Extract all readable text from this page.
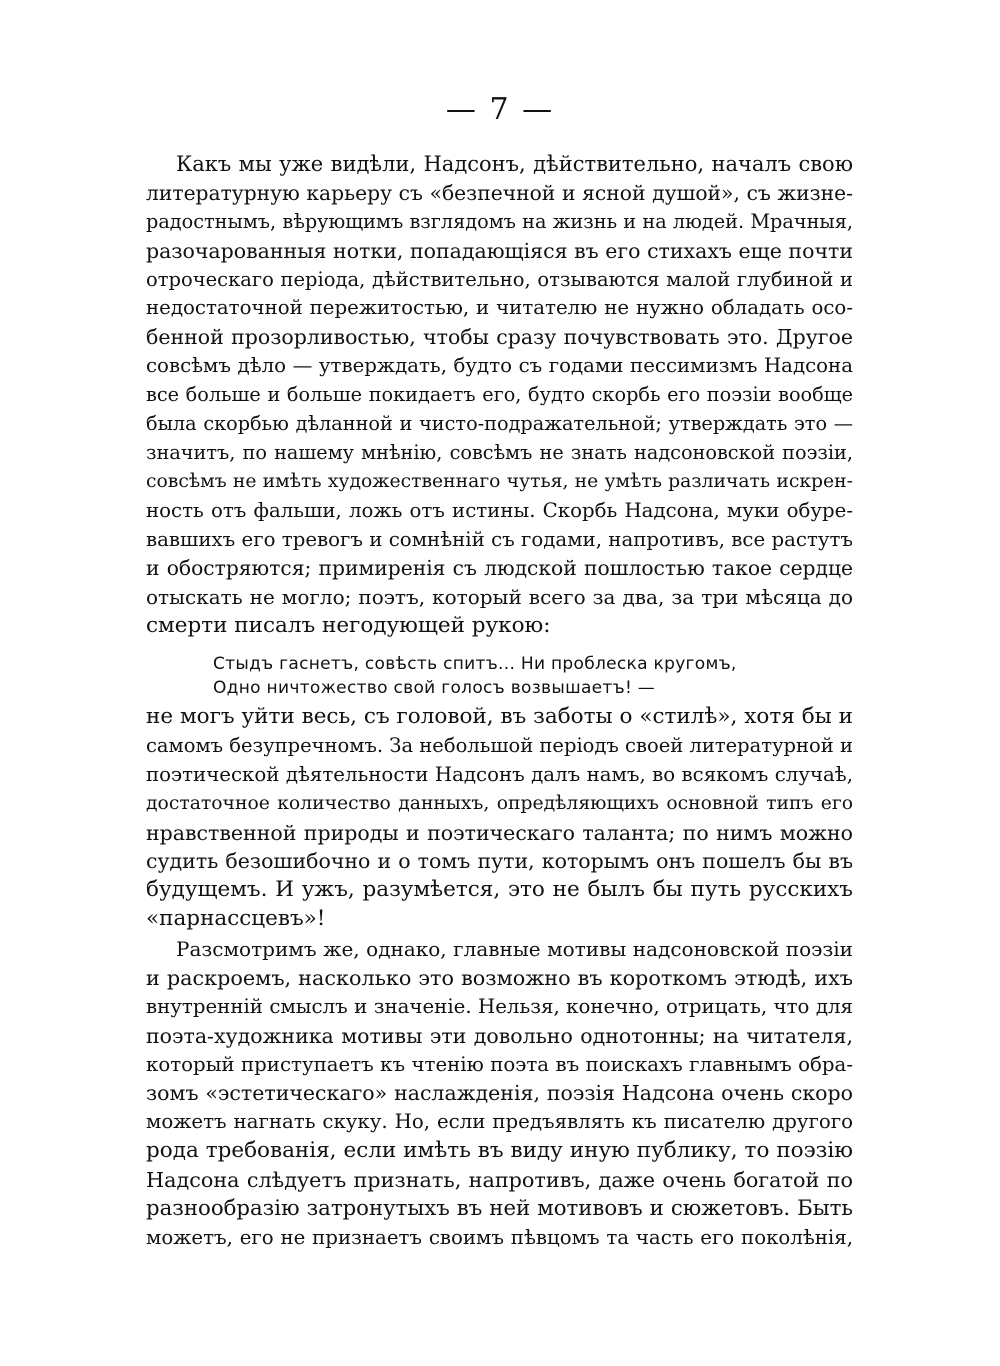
— 7 —
Какъ мы уже видѣли, Надсонъ, дѣйствительно, началъ свою
литературную карьеру съ «безпечной и ясной душой», съ жизне-
радостнымъ, вѣрующимъ взглядомъ на жизнь и на людей. Мрачныя,
разочарованныя нотки, попадающіяся въ его стихахъ еще почти
отроческаго періода, дѣйствительно, отзываются малой глубиной и
недостаточной пережитостью, и читателю не нужно обладать осо-
бенной прозорливостью, чтобы сразу почувствовать это. Другое
совсѣмъ дѣло — утверждать, будто съ годами пессимизмъ Надсона
все больше и больше покидаетъ его, будто скорбь его поэзіи вообще
была скорбью дѣланной и чисто-подражательной; утверждать это —
значитъ, по нашему мнѣнію, совсѣмъ не знать надсоновской поэзіи,
совсѣмъ не имѣть художественнаго чутья, не умѣть различать искрен-
ность отъ фальши, ложь отъ истины. Скорбь Надсона, муки обуре-
вавшихъ его тревогъ и сомнѣній съ годами, напротивъ, все растутъ
и обостряются; примиренія съ людской пошлостью такое сердце
отыскать не могло; поэтъ, который всего за два, за три мѣсяца до
смерти писалъ негодующей рукою:
Стыдъ гаснетъ, совѣсть спитъ... Ни проблеска кругомъ,
Одно ничтожество свой голосъ возвышаетъ! —
не могъ уйти весь, съ головой, въ заботы о «стилѣ», хотя бы и
самомъ безупречномъ. За небольшой періодъ своей литературной и
поэтической дѣятельности Надсонъ далъ намъ, во всякомъ случаѣ,
достаточное количество данныхъ, опредѣляющихъ основной типъ его
нравственной природы и поэтическаго таланта; по нимъ можно
судить безошибочно и о томъ пути, которымъ онъ пошелъ бы въ
будущемъ. И ужъ, разумѣется, это не былъ бы путь русскихъ
«парнассцевъ»!
Разсмотримъ же, однако, главные мотивы надсоновской поэзіи
и раскроемъ, насколько это возможно въ короткомъ этюдѣ, ихъ
внутренній смыслъ и значеніе. Нельзя, конечно, отрицать, что для
поэта-художника мотивы эти довольно однотонны; на читателя,
который приступаетъ къ чтенію поэта въ поискахъ главнымъ обра-
зомъ «эстетическаго» наслажденія, поэзія Надсона очень скоро
можетъ нагнать скуку. Но, если предъявлять къ писателю другого
рода требованія, если имѣть въ виду иную публику, то поэзію
Надсона слѣдуетъ признать, напротивъ, даже очень богатой по
разнообразію затронутыхъ въ ней мотивовъ и сюжетовъ. Быть
можетъ, его не признаетъ своимъ пѣвцомъ та часть его поколѣнія,
